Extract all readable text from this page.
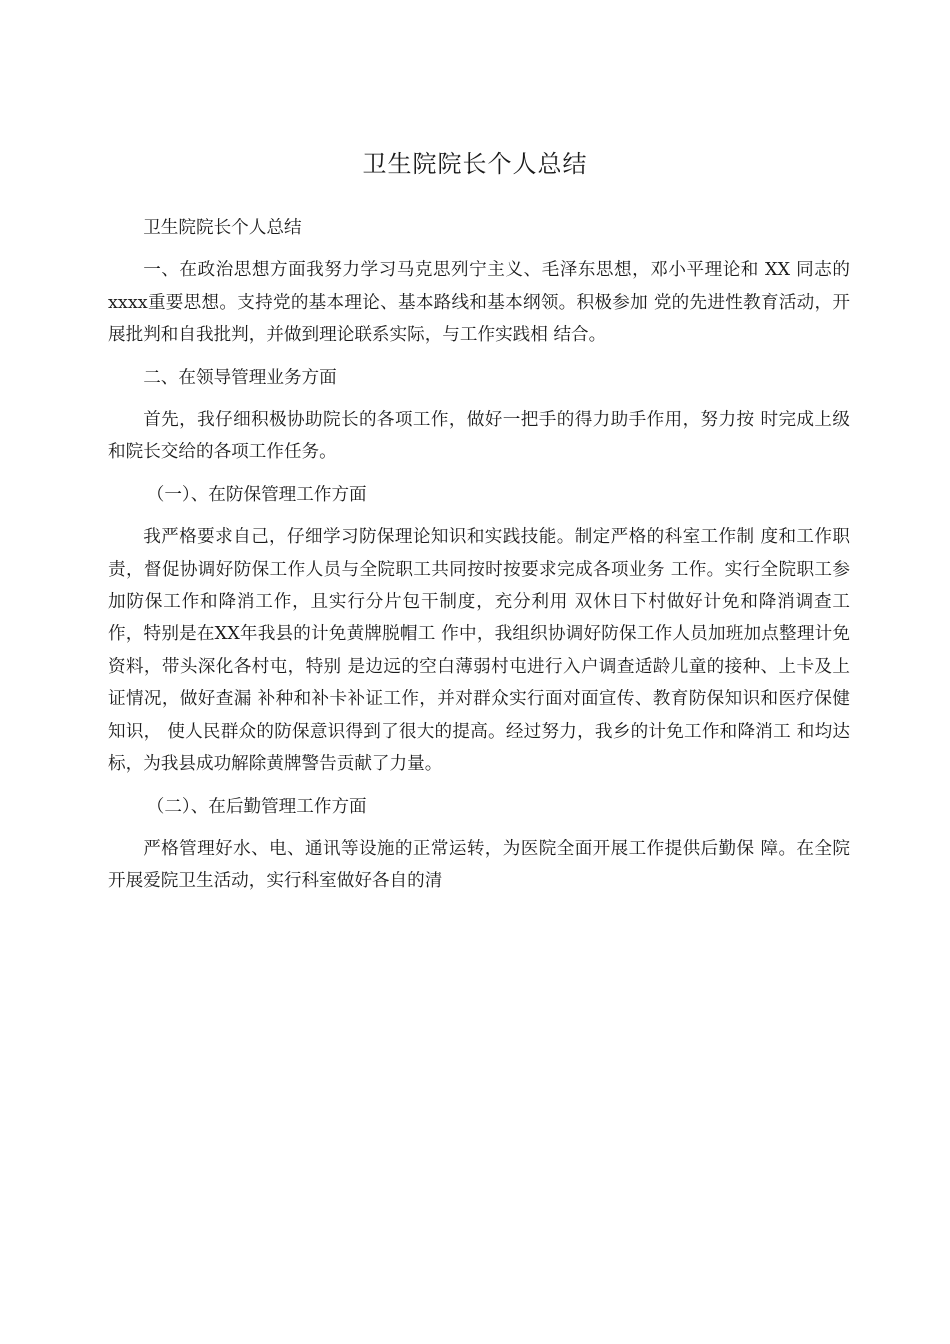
卫生院院长个人总结

卫生院院长个人总结

一、在政治思想方面我努力学习马克思列宁主义、毛泽东思想，邓小平理论和 XX 同志的xxxx重要思想。支持党的基本理论、基本路线和基本纲领。积极参加 党的先进性教育活动，开展批判和自我批判，并做到理论联系实际，与工作实践相 结合。

二、在领导管理业务方面

首先，我仔细积极协助院长的各项工作，做好一把手的得力助手作用，努力按 时完成上级和院长交给的各项工作任务。

（一）、在防保管理工作方面

我严格要求自己，仔细学习防保理论知识和实践技能。制定严格的科室工作制 度和工作职责，督促协调好防保工作人员与全院职工共同按时按要求完成各项业务 工作。实行全院职工参加防保工作和降消工作，且实行分片包干制度，充分利用 双休日下村做好计免和降消调查工作，特别是在XX年我县的计免黄牌脱帽工 作中，我组织协调好防保工作人员加班加点整理计免资料，带头深化各村屯，特别 是边远的空白薄弱村屯进行入户调查适龄儿童的接种、上卡及上证情况，做好查漏 补种和补卡补证工作，并对群众实行面对面宣传、教育防保知识和医疗保健知识， 使人民群众的防保意识得到了很大的提高。经过努力，我乡的计免工作和降消工 和均达标，为我县成功解除黄牌警告贡献了力量。

（二）、在后勤管理工作方面

严格管理好水、电、通讯等设施的正常运转，为医院全面开展工作提供后勤保 障。在全院开展爱院卫生活动，实行科室做好各自的清
